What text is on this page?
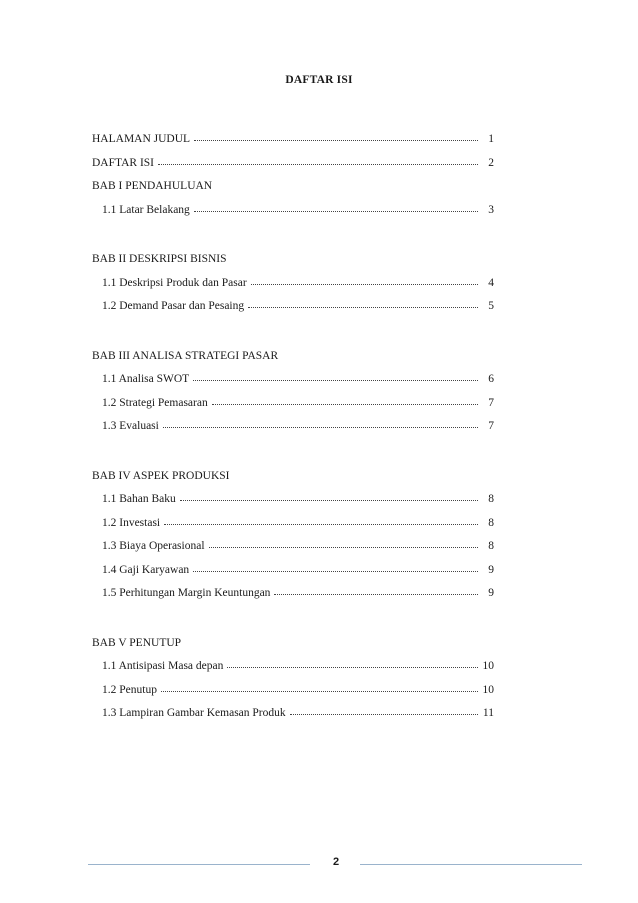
DAFTAR ISI
HALAMAN JUDUL	1
DAFTAR ISI	2
BAB I PENDAHULUAN
1.1 Latar Belakang	3
BAB II DESKRIPSI BISNIS
1.1 Deskripsi Produk dan Pasar	4
1.2 Demand Pasar dan Pesaing	5
BAB III ANALISA STRATEGI PASAR
1.1 Analisa SWOT	6
1.2 Strategi Pemasaran	7
1.3 Evaluasi	7
BAB IV ASPEK PRODUKSI
1.1 Bahan Baku	8
1.2 Investasi	8
1.3 Biaya Operasional	8
1.4 Gaji Karyawan	9
1.5 Perhitungan Margin Keuntungan	9
BAB V PENUTUP
1.1 Antisipasi Masa depan	10
1.2 Penutup	10
1.3 Lampiran Gambar Kemasan Produk	11
2
